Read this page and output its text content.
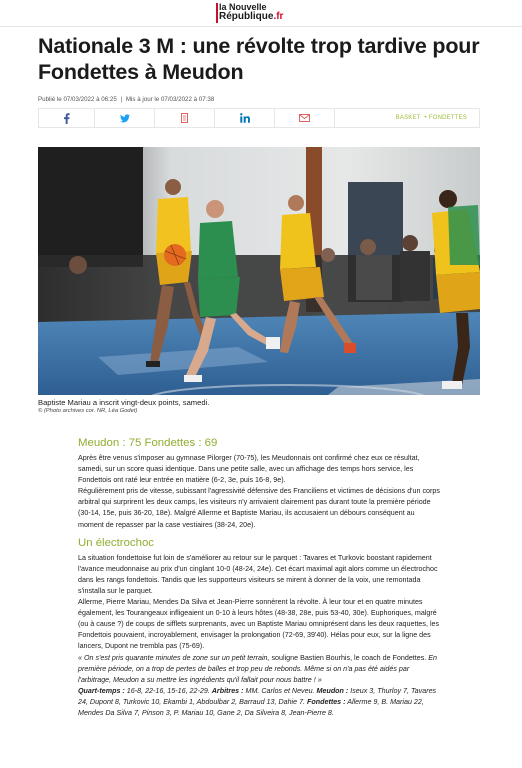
la Nouvelle
République.fr
Nationale 3 M : une révolte trop tardive pour Fondettes à Meudon
Publié le 07/03/2022 à 06:25 | Mis à jour le 07/03/2022 à 07:38
BASKET • FONDETTES
Baptiste Mariau a inscrit vingt-deux points, samedi.
© (Photo archives cor. NR, Léa Godet)
Meudon : 75 Fondettes : 69

Après être venus s'imposer au gymnase Pilorger (70-75), les Meudonnais ont confirmé chez eux ce résultat, samedi, sur un score quasi identique. Dans une petite salle, avec un affichage des temps hors service, les Fondettois ont raté leur entrée en matière (6-2, 3e, puis 16-8, 9e).

Régulièrement pris de vitesse, subissant l'agressivité défensive des Franciliens et victimes de décisions d'un corps arbitral qui surprirent les deux camps, les visiteurs n'y arrivaient clairement pas durant toute la première période (30-14, 15e, puis 36-20, 18e). Malgré Allerme et Baptiste Mariau, ils accusaient un débours conséquent au moment de repasser par la case vestiaires (38-24, 20e).

Un électrochoc

La situation fondettoise fut loin de s'améliorer au retour sur le parquet : Tavares et Turkovic boostant rapidement l'avance meudonnaise au prix d'un cinglant 10-0 (48-24, 24e). Cet écart maximal agit alors comme un électrochoc dans les rangs fondettois. Tandis que les supporteurs visiteurs se mirent à donner de la voix, une remontada s'installa sur le parquet.

Allerme, Pierre Mariau, Mendes Da Silva et Jean-Pierre sonnèrent la révolte. À leur tour et en quatre minutes également, les Tourangeaux infligeaient un 0-10 à leurs hôtes (48-38, 28e, puis 53-40, 30e). Euphoriques, malgré (ou à cause ?) de coups de sifflets surprenants, avec un Baptiste Mariau omniprésent dans les deux raquettes, les Fondettois pouvaient, incroyablement, envisager la prolongation (72-69, 39'40). Hélas pour eux, sur la ligne des lancers, Dupont ne trembla pas (75-69).

« On s'est pris quarante minutes de zone sur un petit terrain, souligne Bastien Bourhis, le coach de Fondettes. En première période, on a trop de pertes de balles et trop peu de rebonds. Même si on n'a pas été aidés par l'arbitrage, Meudon a su mettre les ingrédients qu'il fallait pour nous battre ! »

Quart-temps : 16-8, 22-16, 15-16, 22-29. Arbitres : MM. Carlos et Neveu. Meudon : Iseux 3, Thurloy 7, Tavares 24, Dupont 8, Turkovic 10, Ekambi 1, Abdoulbar 2, Barraud 13, Dahie 7. Fondettes : Allerme 9, B. Mariau 22, Mendes Da Silva 7, Pinson 3, P. Mariau 10, Gane 2, Da Silveira 8, Jean-Pierre 8.
